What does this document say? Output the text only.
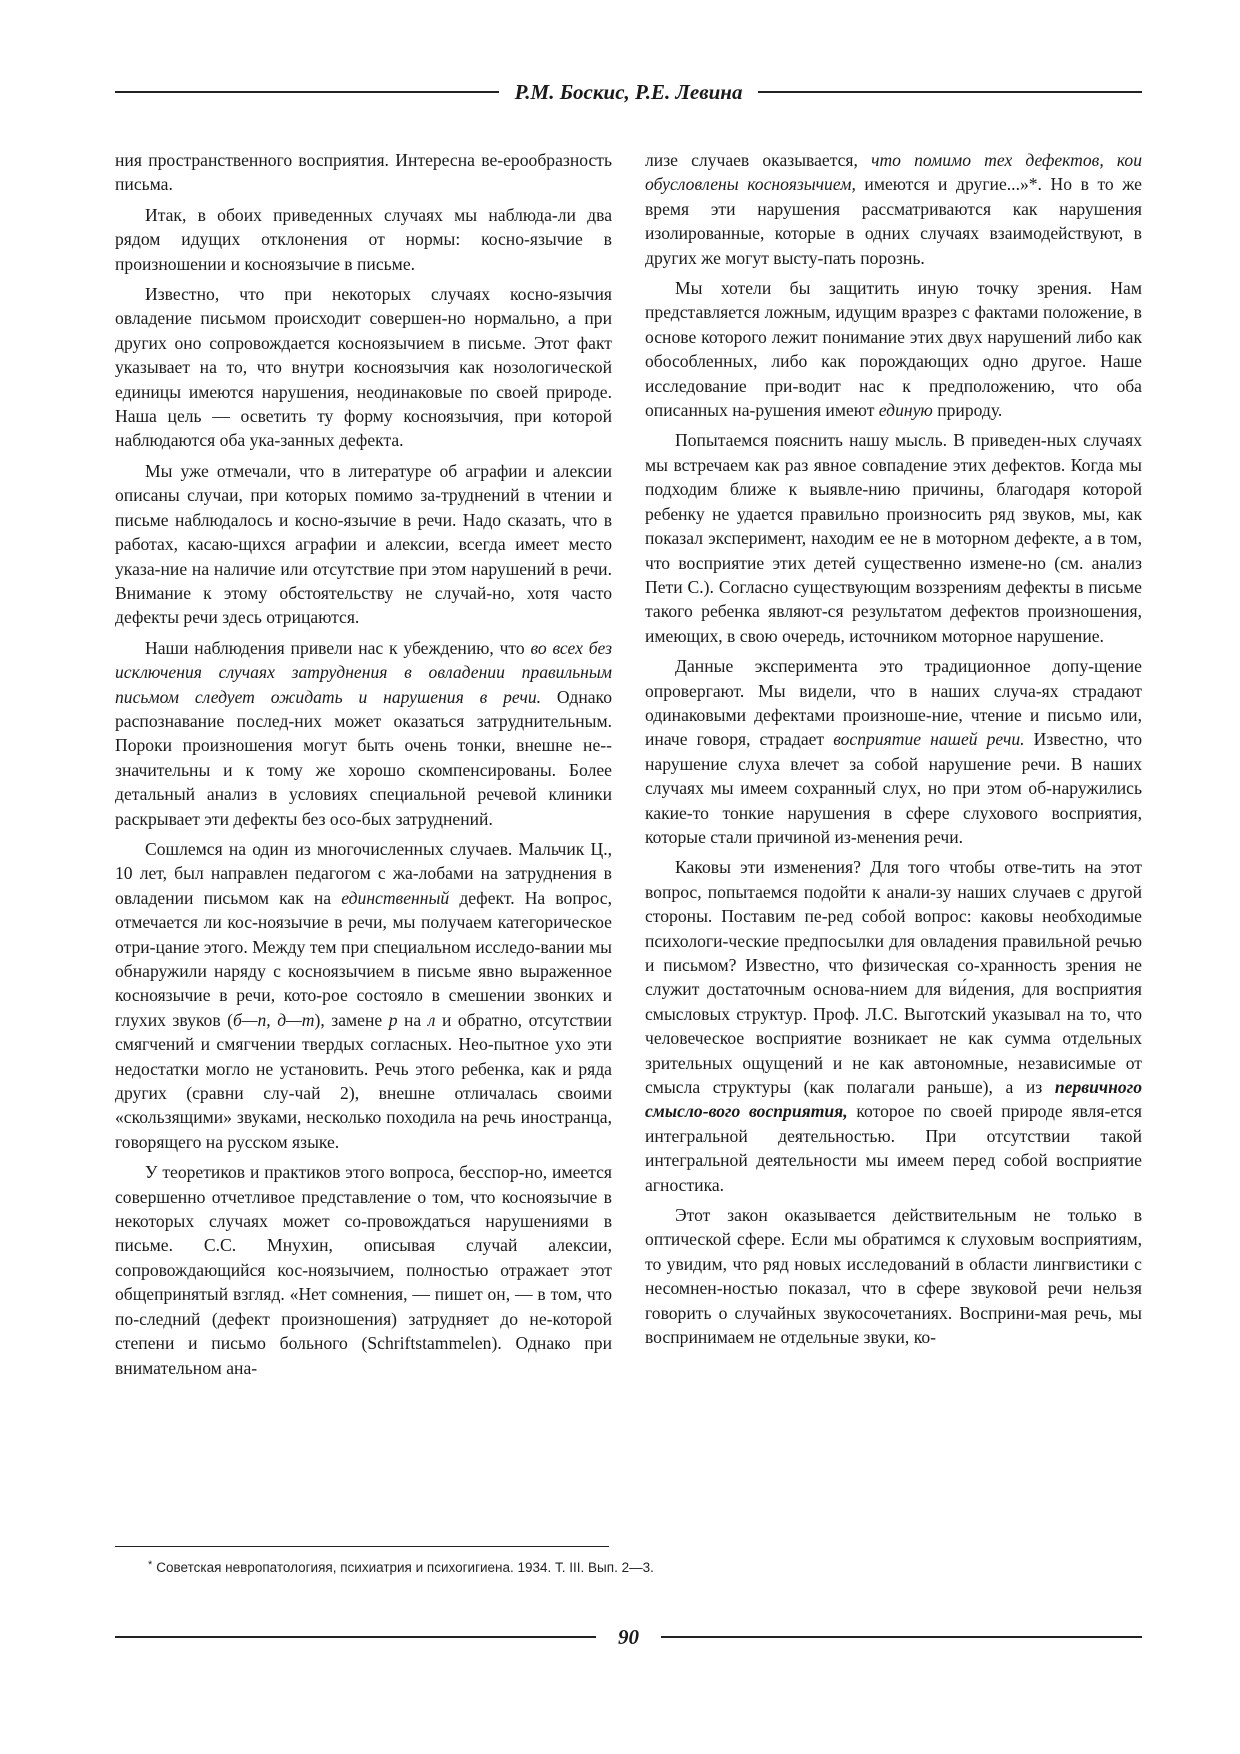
Р.М. Боскис, Р.Е. Левина

ния пространственного восприятия. Интересна ве-ерообразность письма.

Итак, в обоих приведенных случаях мы наблюда-ли два рядом идущих отклонения от нормы: косно-язычие в произношении и косноязычие в письме.

Известно, что при некоторых случаях косно-язычия овладение письмом происходит совершен-но нормально, а при других оно сопровождается косноязычием в письме. Этот факт указывает на то, что внутри косноязычия как нозологической единицы имеются нарушения, неодинаковые по своей природе. Наша цель — осветить ту форму косноязычия, при которой наблюдаются оба ука-занных дефекта.

Мы уже отмечали, что в литературе об аграфии и алексии описаны случаи, при которых помимо за-труднений в чтении и письме наблюдалось и косно-язычие в речи. Надо сказать, что в работах, касаю-щихся аграфии и алексии, всегда имеет место указа-ние на наличие или отсутствие при этом нарушений в речи. Внимание к этому обстоятельству не случай-но, хотя часто дефекты речи здесь отрицаются.

Наши наблюдения привели нас к убеждению, что во всех без исключения случаях затруднения в овладении правильным письмом следует ожидать и нарушения в речи. Однако распознавание послед-них может оказаться затруднительным. Пороки произношения могут быть очень тонки, внешне не-значительны и к тому же хорошо скомпенсированы. Более детальный анализ в условиях специальной речевой клиники раскрывает эти дефекты без осо-бых затруднений.

Сошлемся на один из многочисленных случаев. Мальчик Ц., 10 лет, был направлен педагогом с жа-лобами на затруднения в овладении письмом как на единственный дефект. На вопрос, отмечается ли кос-ноязычие в речи, мы получаем категорическое отри-цание этого. Между тем при специальном исследо-вании мы обнаружили наряду с косноязычием в письме явно выраженное косноязычие в речи, кото-рое состояло в смешении звонких и глухих звуков (б—п, д—т), замене р на л и обратно, отсутствии смягчений и смягчении твердых согласных. Нео-пытное ухо эти недостатки могло не установить. Речь этого ребенка, как и ряда других (сравни слу-чай 2), внешне отличалась своими «скользящими» звуками, несколько походила на речь иностранца, говорящего на русском языке.

У теоретиков и практиков этого вопроса, бесспор-но, имеется совершенно отчетливое представление о том, что косноязычие в некоторых случаях может со-провождаться нарушениями в письме. С.С. Мнухин, описывая случай алексии, сопровождающийся кос-ноязычием, полностью отражает этот общепринятый взгляд. «Нет сомнения, — пишет он, — в том, что по-следний (дефект произношения) затрудняет до не-которой степени и письмо больного (Schriftstammelen). Однако при внимательном ана-

лизе случаев оказывается, что помимо тех дефектов, кои обусловлены косноязычием, имеются и другие...»*. Но в то же время эти нарушения рассматриваются как нарушения изолированные, которые в одних случаях взаимодействуют, в других же могут высту-пать порознь.

Мы хотели бы защитить иную точку зрения. Нам представляется ложным, идущим вразрез с фактами положение, в основе которого лежит понимание этих двух нарушений либо как обособленных, либо как порождающих одно другое. Наше исследование при-водит нас к предположению, что оба описанных на-рушения имеют единую природу.

Попытаемся пояснить нашу мысль. В приведен-ных случаях мы встречаем как раз явное совпадение этих дефектов. Когда мы подходим ближе к выявле-нию причины, благодаря которой ребенку не удается правильно произносить ряд звуков, мы, как показал эксперимент, находим ее не в моторном дефекте, а в том, что восприятие этих детей существенно измене-но (см. анализ Пети С.). Согласно существующим воззрениям дефекты в письме такого ребенка являют-ся результатом дефектов произношения, имеющих, в свою очередь, источником моторное нарушение.

Данные эксперимента это традиционное допу-щение опровергают. Мы видели, что в наших случа-ях страдают одинаковыми дефектами произноше-ние, чтение и письмо или, иначе говоря, страдает восприятие нашей речи. Известно, что нарушение слуха влечет за собой нарушение речи. В наших случаях мы имеем сохранный слух, но при этом об-наружились какие-то тонкие нарушения в сфере слухового восприятия, которые стали причиной из-менения речи.

Каковы эти изменения? Для того чтобы отве-тить на этот вопрос, попытаемся подойти к анали-зу наших случаев с другой стороны. Поставим пе-ред собой вопрос: каковы необходимые психологи-ческие предпосылки для овладения правильной речью и письмом? Известно, что физическая со-хранность зрения не служит достаточным основа-нием для ви́дения, для восприятия смысловых структур. Проф. Л.С. Выготский указывал на то, что человеческое восприятие возникает не как сумма отдельных зрительных ощущений и не как автономные, независимые от смысла структуры (как полагали раньше), а из первичного смысло-вого восприятия, которое по своей природе явля-ется интегральной деятельностью. При отсутствии такой интегральной деятельности мы имеем перед собой восприятие агностика.

Этот закон оказывается действительным не только в оптической сфере. Если мы обратимся к слуховым восприятиям, то увидим, что ряд новых исследований в области лингвистики с несомнен-ностью показал, что в сфере звуковой речи нельзя говорить о случайных звукосочетаниях. Восприни-мая речь, мы воспринимаем не отдельные звуки, ко-

* Советская невропатологияя, психиатрия и психогигиена. 1934. Т. III. Вып. 2—3.
90
